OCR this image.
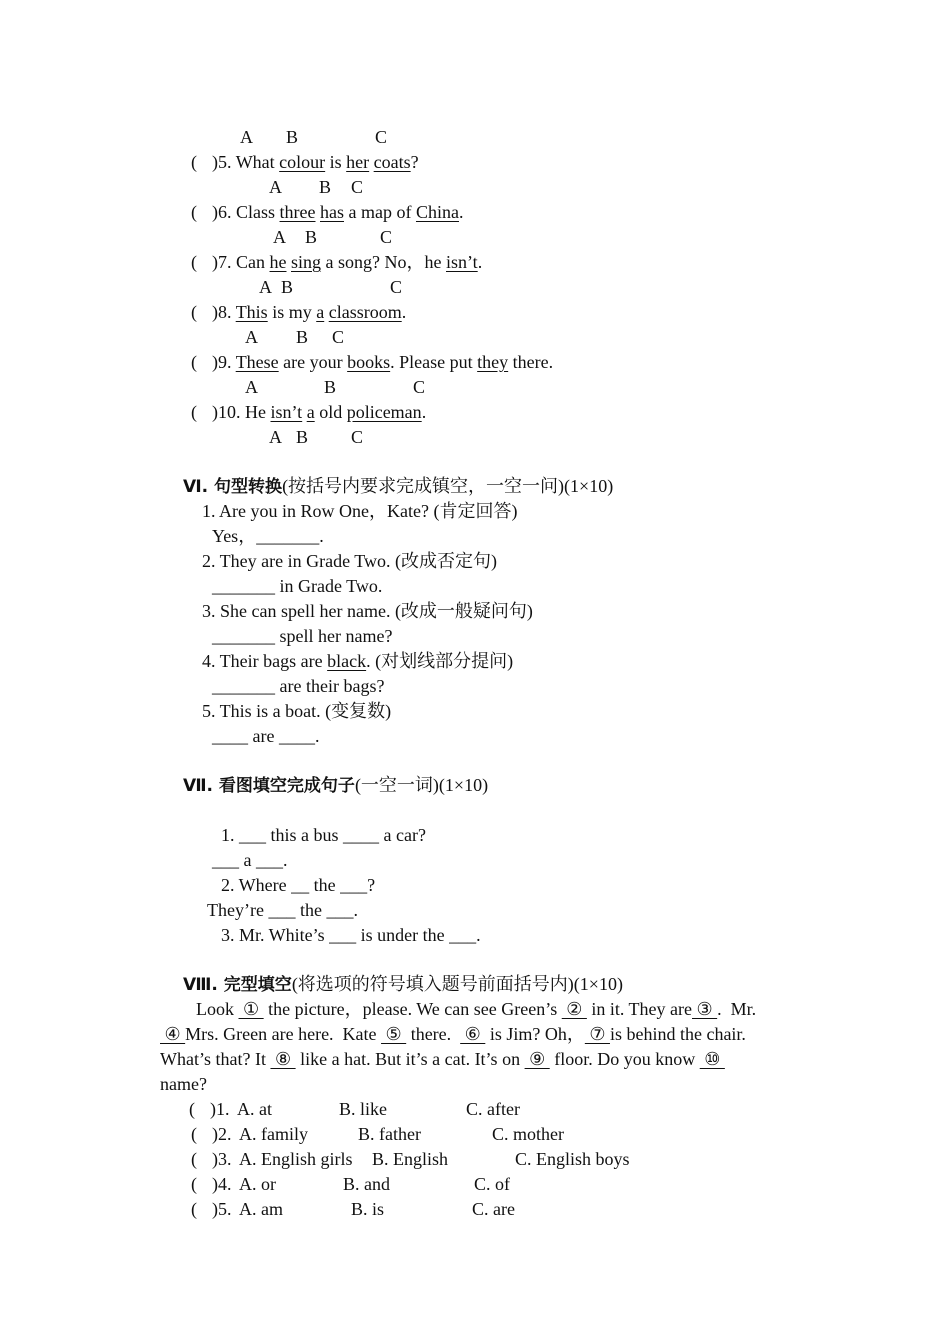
A B	C
( )5. What colour is her coats?
A B C
( )6. Class three has a map of China.
A B	C
( )7. Can he sing a song? No，he isn’t.
A B	C
( )8. This is my a classroom.
A B C
( )9. These are your books. Please put they there.
A	B	C
( )10. He isn’t a old policeman.
A B C
Ⅵ. 句型转换(按括号内要求完成镇空，一空一问)(1×10)
1. Are you in Row One，Kate? (肯定回答)
Yes，_______.
2. They are in Grade Two. (改成否定句)
_______ in Grade Two.
3. She can spell her name. (改成一般疑问句)
_______ spell her name?
4. Their bags are black. (对划线部分提问)
_______ are their bags?
5. This is a boat. (变复数)
____ are ____.
Ⅶ. 看图填空完成句子(一空一词)(1×10)
1. ___ this a bus ____ a car?
___ a ___.
2. Where __ the ___?
They’re ___ the ___.
3. Mr. White’s ___ is under the ___.
Ⅷ. 完型填空(将选项的符号填入题号前面括号内)(1×10)
Look  ①  the picture，please. We can see Green’s  ②  in it. They are ③ .  Mr.
④ Mrs. Green are here.  Kate  ⑤  there.   ⑥  is Jim? Oh， ⑦ is behind the chair.
What’s that? It  ⑧  like a hat. But it’s a cat. It’s on  ⑨  floor. Do you know  ⑩
name?
( )1. A. at	B. like	C. after
( )2. A. family	B. father	C. mother
( )3. A. English girls B. English	C. English boys
( )4. A. or	B. and	C. of
( )5. A. am	B. is	C. are
